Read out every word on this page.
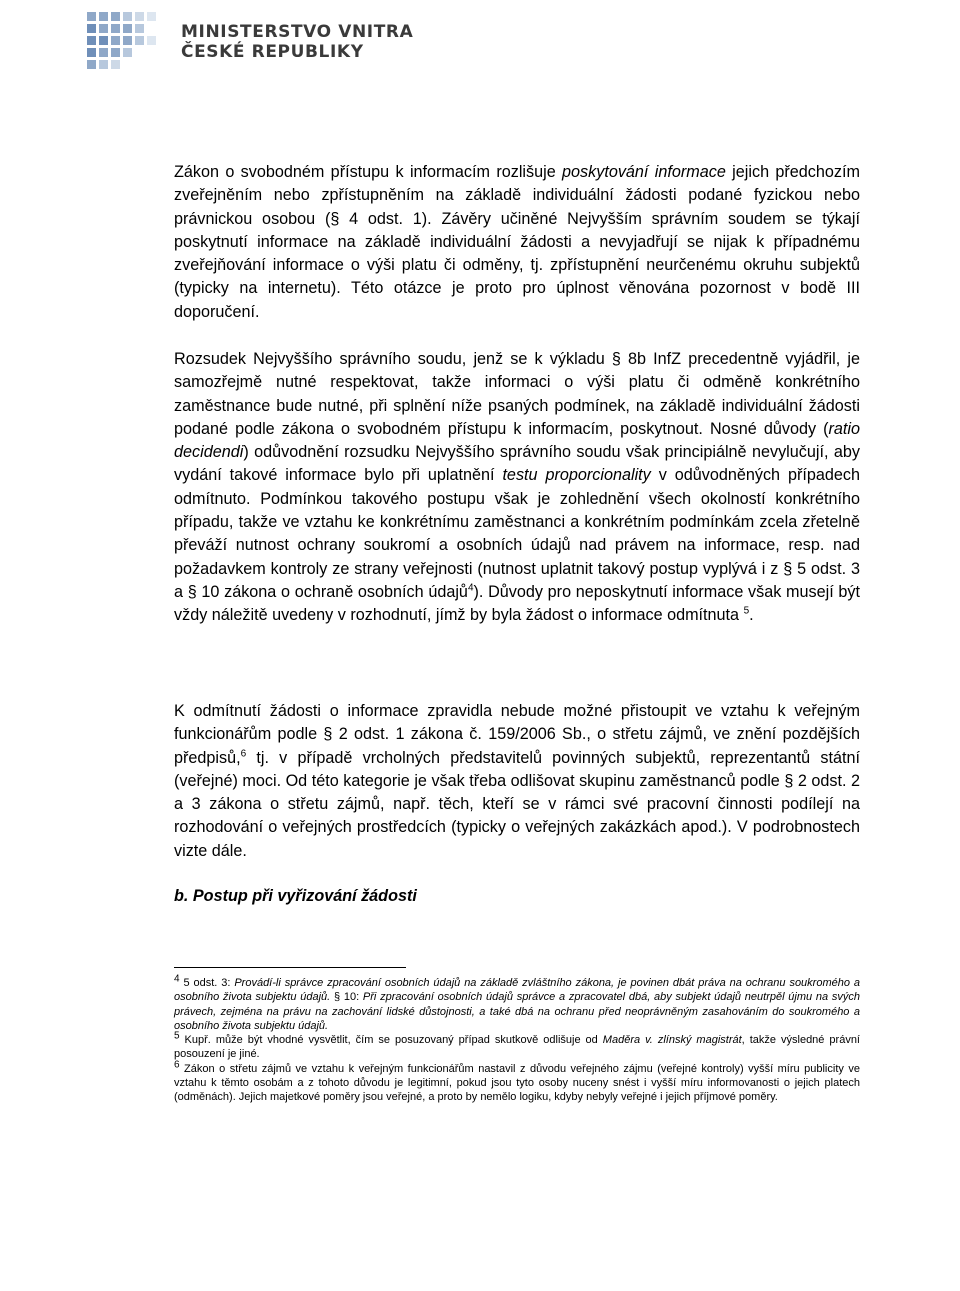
MINISTERSTVO VNITRA
ČESKÉ REPUBLIKY

Zákon o svobodném přístupu k informacím rozlišuje poskytování informace jejich předchozím zveřejněním nebo zpřístupněním na základě individuální žádosti podané fyzickou nebo právnickou osobou (§ 4 odst. 1). Závěry učiněné Nejvyšším správním soudem se týkají poskytnutí informace na základě individuální žádosti a nevyjadřují se nijak k případnému zveřejňování informace o výši platu či odměny, tj. zpřístupnění neurčenému okruhu subjektů (typicky na internetu). Této otázce je proto pro úplnost věnována pozornost v bodě III doporučení.

Rozsudek Nejvyššího správního soudu, jenž se k výkladu § 8b InfZ precedentně vyjádřil, je samozřejmě nutné respektovat, takže informaci o výši platu či odměně konkrétního zaměstnance bude nutné, při splnění níže psaných podmínek, na základě individuální žádosti podané podle zákona o svobodném přístupu k informacím, poskytnout. Nosné důvody (ratio decidendi) odůvodnění rozsudku Nejvyššího správního soudu však principiálně nevylučují, aby vydání takové informace bylo při uplatnění testu proporcionality v odůvodněných případech odmítnuto. Podmínkou takového postupu však je zohlednění všech okolností konkrétního případu, takže ve vztahu ke konkrétnímu zaměstnanci a konkrétním podmínkám zcela zřetelně převáží nutnost ochrany soukromí a osobních údajů nad právem na informace, resp. nad požadavkem kontroly ze strany veřejnosti (nutnost uplatnit takový postup vyplývá i z § 5 odst. 3 a § 10 zákona o ochraně osobních údajů$^4$). Důvody pro neposkytnutí informace však musejí být vždy náležitě uvedeny v rozhodnutí, jímž by byla žádost o informace odmítnuta $^5$.

K odmítnutí žádosti o informace zpravidla nebude možné přistoupit ve vztahu k veřejným funkcionářům podle § 2 odst. 1 zákona č. 159/2006 Sb., o střetu zájmů, ve znění pozdějších předpisů,$^6$ tj. v případě vrcholných představitelů povinných subjektů, reprezentantů státní (veřejné) moci. Od této kategorie je však třeba odlišovat skupinu zaměstnanců podle § 2 odst. 2 a 3 zákona o střetu zájmů, např. těch, kteří se v rámci své pracovní činnosti podílejí na rozhodování o veřejných prostředcích (typicky o veřejných zakázkách apod.). V podrobnostech vizte dále.

b. Postup při vyřizování žádosti

$^4$ 5 odst. 3: Provádí-li správce zpracování osobních údajů na základě zvláštního zákona, je povinen dbát práva na ochranu soukromého a osobního života subjektu údajů. § 10: Při zpracování osobních údajů správce a zpracovatel dbá, aby subjekt údajů neutrpěl újmu na svých právech, zejména na právu na zachování lidské důstojnosti, a také dbá na ochranu před neoprávněným zasahováním do soukromého a osobního života subjektu údajů.

$^5$ Kupř. může být vhodné vysvětlit, čím se posuzovaný případ skutkově odlišuje od Maděra v. zlínský magistrát, takže výsledné právní posouzení je jiné.

$^6$ Zákon o střetu zájmů ve vztahu k veřejným funkcionářům nastavil z důvodu veřejného zájmu (veřejné kontroly) vyšší míru publicity ve vztahu k těmto osobám a z tohoto důvodu je legitimní, pokud jsou tyto osoby nuceny snést i vyšší míru informovanosti o jejich platech (odměnách). Jejich majetkové poměry jsou veřejné, a proto by nemělo logiku, kdyby nebyly veřejné i jejich příjmové poměry.
